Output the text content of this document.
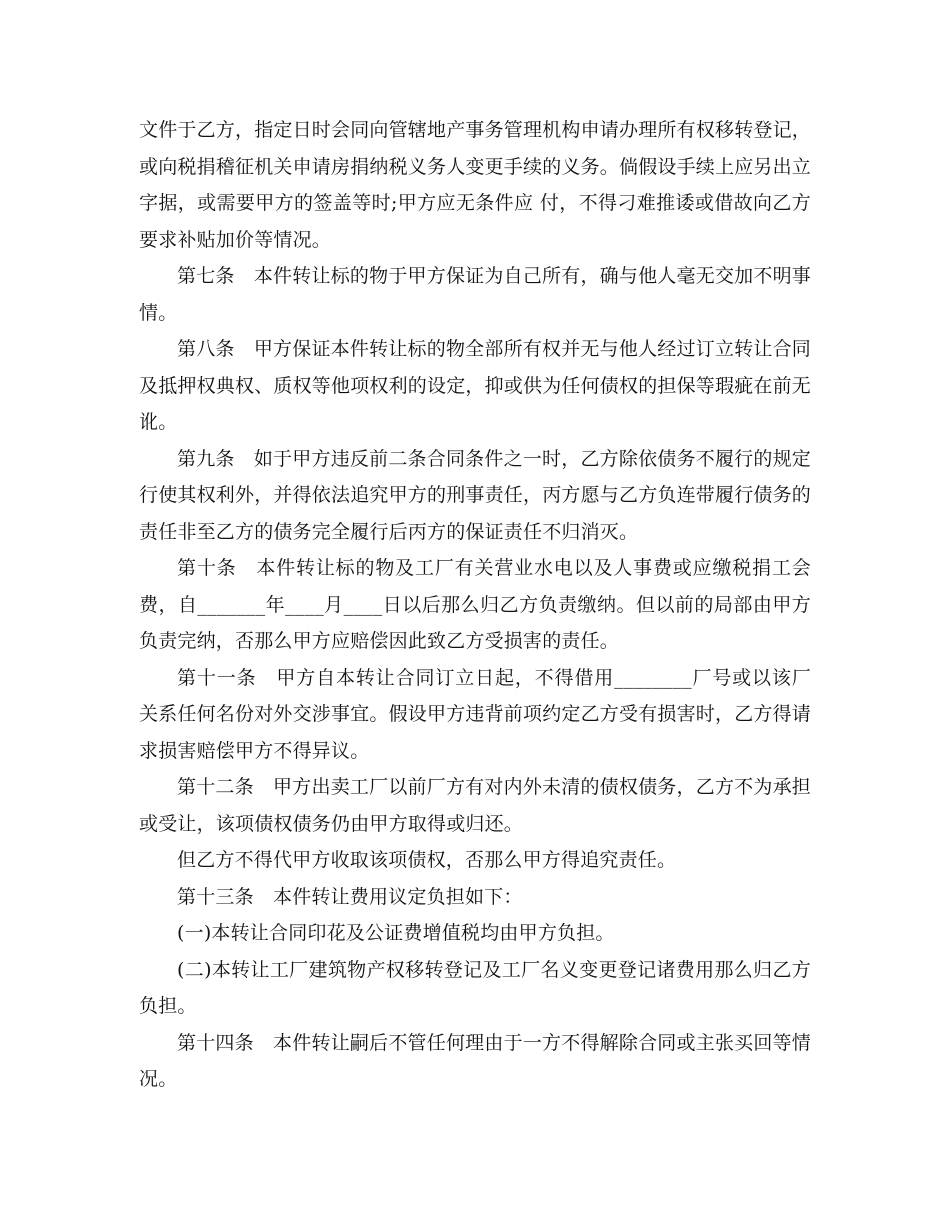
文件于乙方，指定日时会同向管辖地产事务管理机构申请办理所有权移转登记，或向税捐稽征机关申请房捐纳税义务人变更手续的义务。倘假设手续上应另出立字据，或需要甲方的签盖等时;甲方应无条件应 付，不得刁难推诿或借故向乙方要求补贴加价等情况。

第七条　本件转让标的物于甲方保证为自己所有，确与他人毫无交加不明事情。

第八条　甲方保证本件转让标的物全部所有权并无与他人经过订立转让合同及抵押权典权、质权等他项权利的设定，抑或供为任何债权的担保等瑕疵在前无讹。

第九条　如于甲方违反前二条合同条件之一时，乙方除依债务不履行的规定行使其权利外，并得依法追究甲方的刑事责任，丙方愿与乙方负连带履行债务的责任非至乙方的债务完全履行后丙方的保证责任不归消灭。

第十条　本件转让标的物及工厂有关营业水电以及人事费或应缴税捐工会费，自_______年____月____日以后那么归乙方负责缴纳。但以前的局部由甲方负责完纳，否那么甲方应赔偿因此致乙方受损害的责任。

第十一条　甲方自本转让合同订立日起，不得借用________厂号或以该厂关系任何名份对外交涉事宜。假设甲方违背前项约定乙方受有损害时，乙方得请求损害赔偿甲方不得异议。

第十二条　甲方出卖工厂以前厂方有对内外未清的债权债务，乙方不为承担或受让，该项债权债务仍由甲方取得或归还。

但乙方不得代甲方收取该项债权，否那么甲方得追究责任。

第十三条　本件转让费用议定负担如下：

(一)本转让合同印花及公证费增值税均由甲方负担。

(二)本转让工厂建筑物产权移转登记及工厂名义变更登记诸费用那么归乙方负担。

第十四条　本件转让嗣后不管任何理由于一方不得解除合同或主张买回等情况。
